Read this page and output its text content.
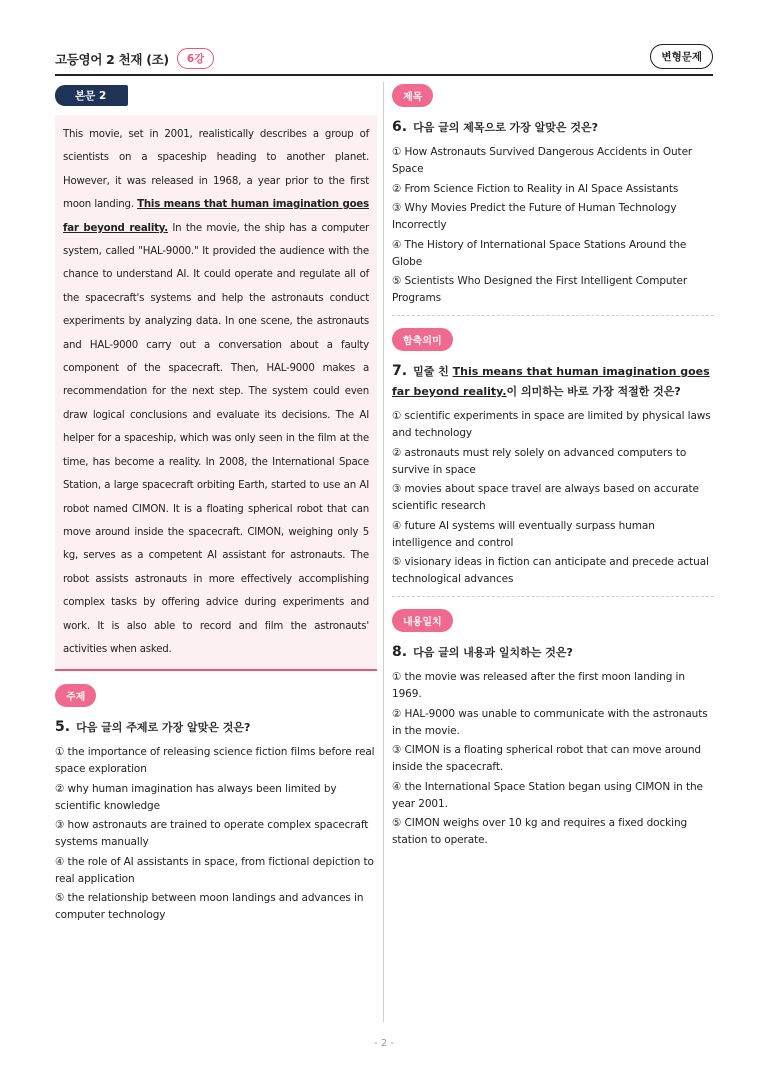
고등영어 2 천재 (조)	6강	변형문제
본문 2
This movie, set in 2001, realistically describes a group of scientists on a spaceship heading to another planet. However, it was released in 1968, a year prior to the first moon landing. This means that human imagination goes far beyond reality. In the movie, the ship has a computer system, called "HAL-9000." It provided the audience with the chance to understand AI. It could operate and regulate all of the spacecraft's systems and help the astronauts conduct experiments by analyzing data. In one scene, the astronauts and HAL-9000 carry out a conversation about a faulty component of the spacecraft. Then, HAL-9000 makes a recommendation for the next step. The system could even draw logical conclusions and evaluate its decisions. The AI helper for a spaceship, which was only seen in the film at the time, has become a reality. In 2008, the International Space Station, a large spacecraft orbiting Earth, started to use an AI robot named CIMON. It is a floating spherical robot that can move around inside the spacecraft. CIMON, weighing only 5 kg, serves as a competent AI assistant for astronauts. The robot assists astronauts in more effectively accomplishing complex tasks by offering advice during experiments and work. It is also able to record and film the astronauts' activities when asked.
주제
5. 다음 글의 주제로 가장 알맞은 것은?
① the importance of releasing science fiction films before real space exploration
② why human imagination has always been limited by scientific knowledge
③ how astronauts are trained to operate complex spacecraft systems manually
④ the role of AI assistants in space, from fictional depiction to real application
⑤ the relationship between moon landings and advances in computer technology
제목
6. 다음 글의 제목으로 가장 알맞은 것은?
① How Astronauts Survived Dangerous Accidents in Outer Space
② From Science Fiction to Reality in AI Space Assistants
③ Why Movies Predict the Future of Human Technology Incorrectly
④ The History of International Space Stations Around the Globe
⑤ Scientists Who Designed the First Intelligent Computer Programs
함축의미
7. 밑줄 친 This means that human imagination goes far beyond reality.이 의미하는 바로 가장 적절한 것은?
① scientific experiments in space are limited by physical laws and technology
② astronauts must rely solely on advanced computers to survive in space
③ movies about space travel are always based on accurate scientific research
④ future AI systems will eventually surpass human intelligence and control
⑤ visionary ideas in fiction can anticipate and precede actual technological advances
내용일치
8. 다음 글의 내용과 일치하는 것은?
① the movie was released after the first moon landing in 1969.
② HAL-9000 was unable to communicate with the astronauts in the movie.
③ CIMON is a floating spherical robot that can move around inside the spacecraft.
④ the International Space Station began using CIMON in the year 2001.
⑤ CIMON weighs over 10 kg and requires a fixed docking station to operate.
- 2 -
